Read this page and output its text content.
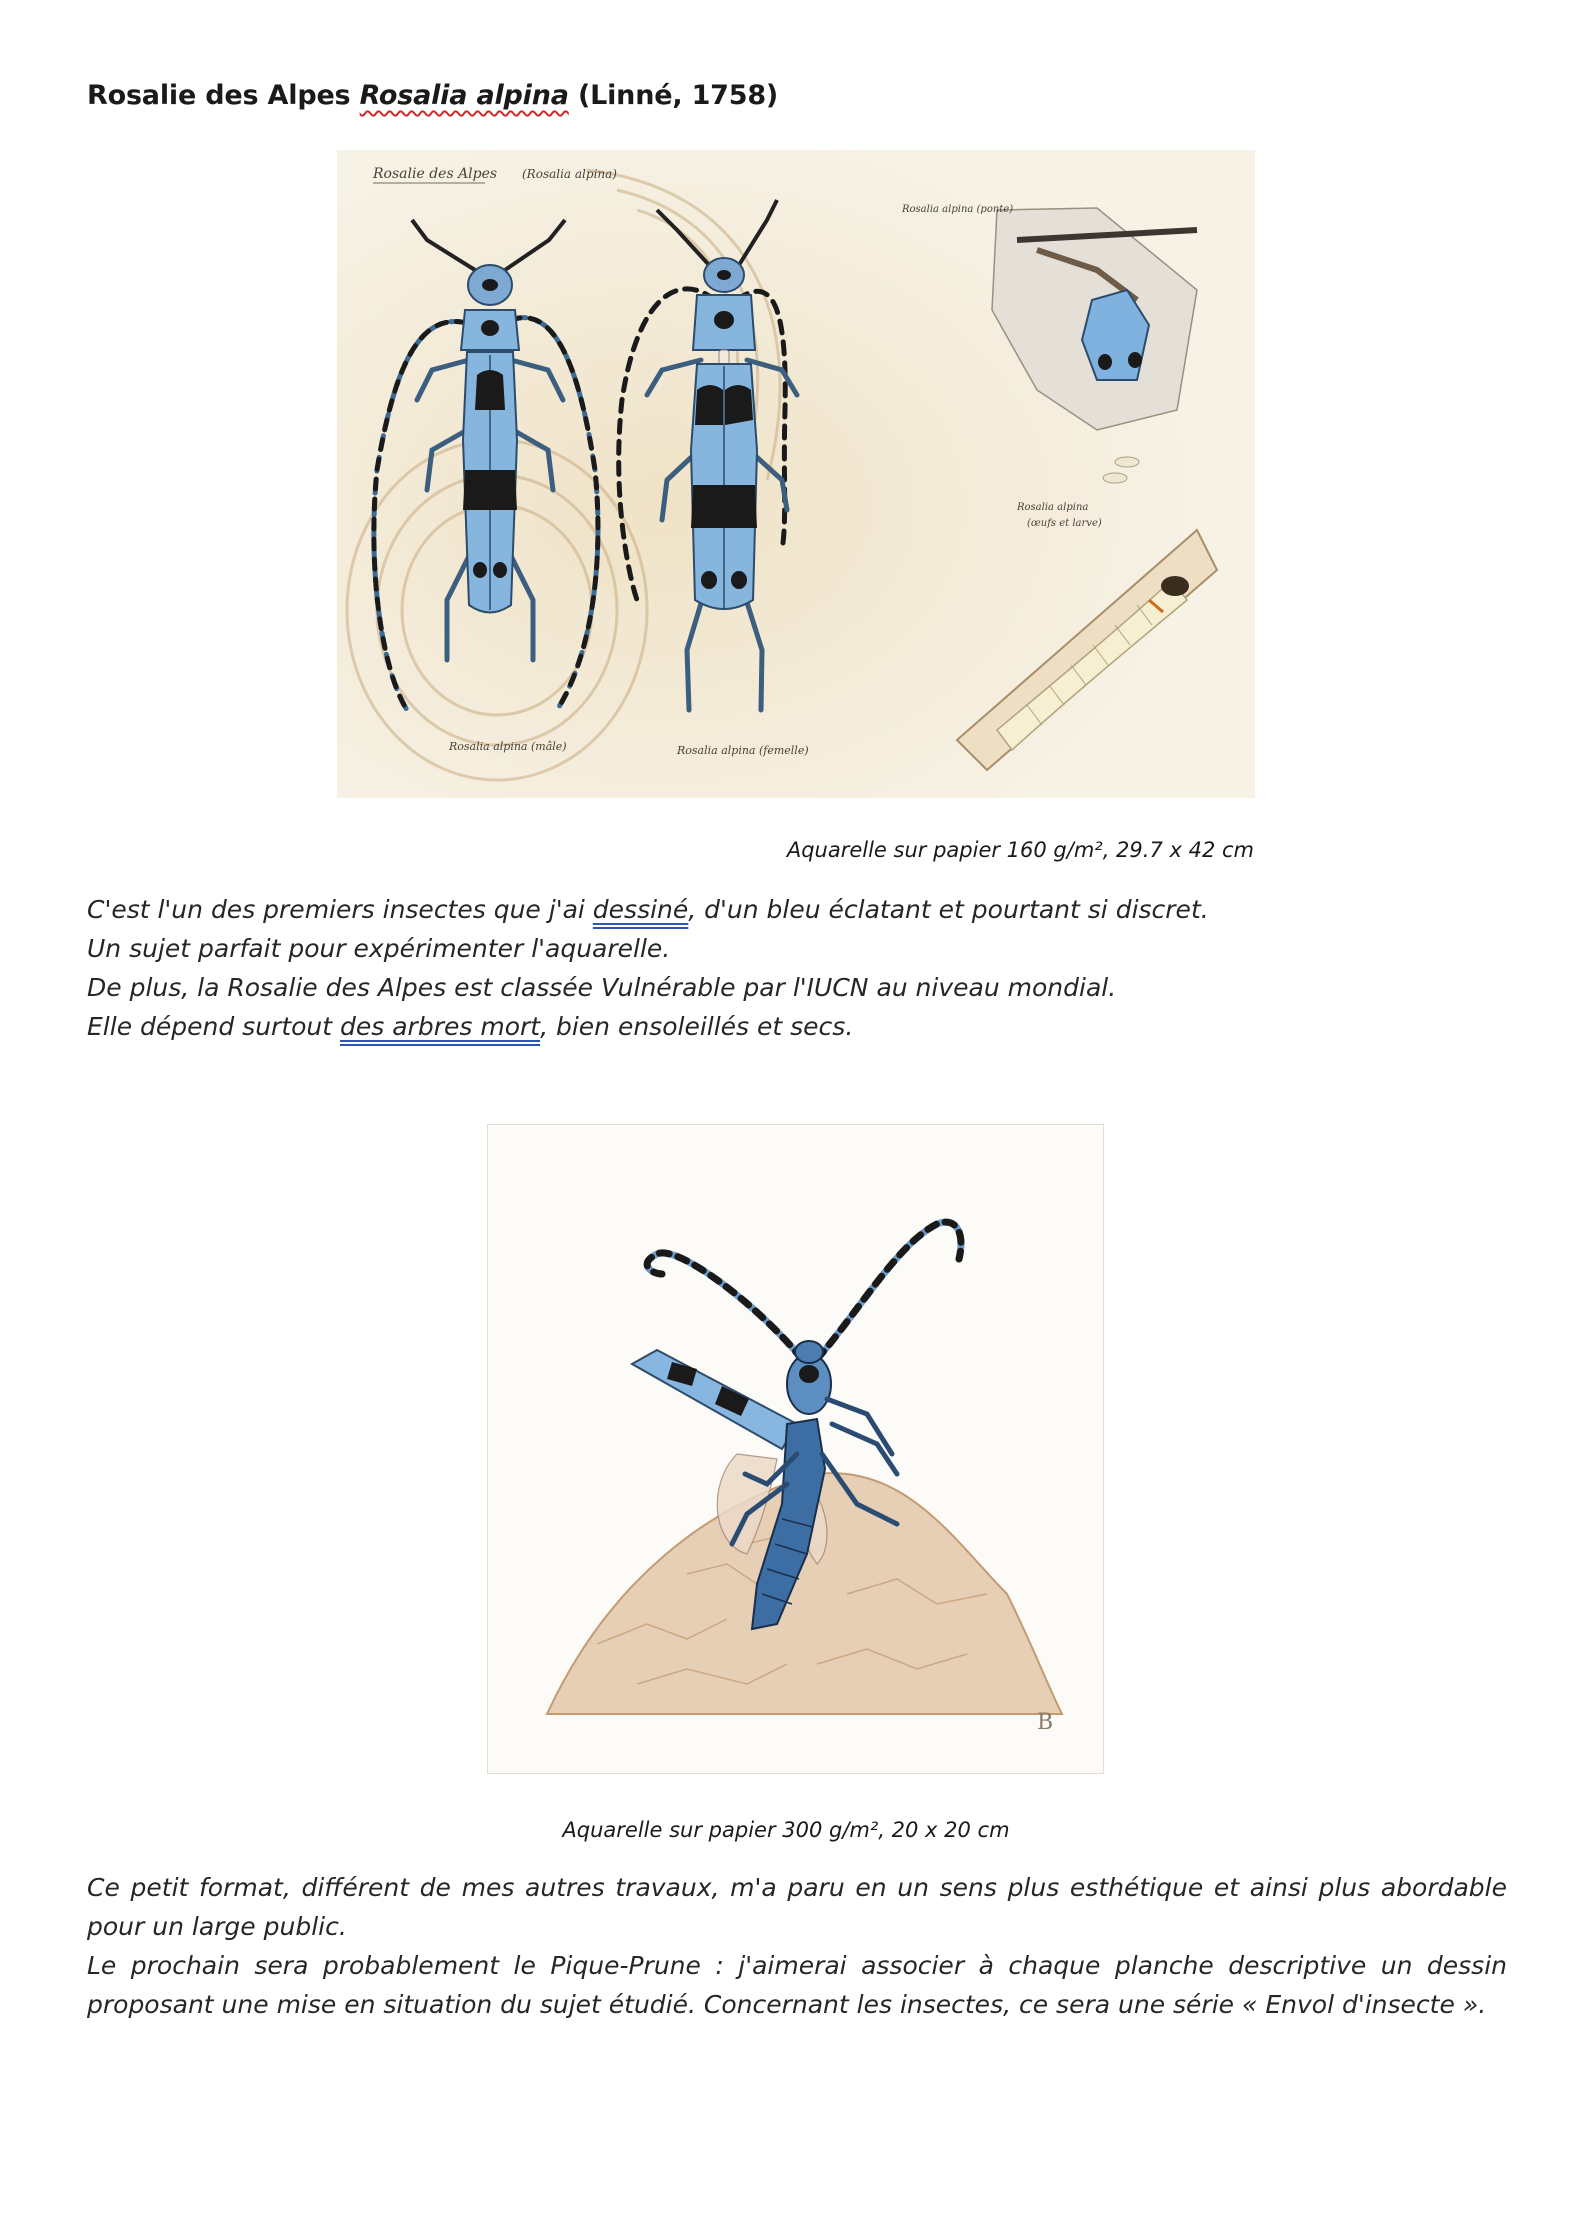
Rosalie des Alpes Rosalia alpina (Linné, 1758)
Rosalie des Alpes (Rosalia alpina)
Rosalia alpina (mâle)	Rosalia alpina (femelle)
Rosalia alpina (ponte)
Rosalia alpina
(œufs et larve)
Aquarelle sur papier 160 g/m², 29.7 x 42 cm
C'est l'un des premiers insectes que j'ai dessiné, d'un bleu éclatant et pourtant si discret.
Un sujet parfait pour expérimenter l'aquarelle.
De plus, la Rosalie des Alpes est classée Vulnérable par l'IUCN au niveau mondial.
Elle dépend surtout des arbres mort, bien ensoleillés et secs.
B
Aquarelle sur papier 300 g/m², 20 x 20 cm

Ce petit format, différent de mes autres travaux, m'a paru en un sens plus esthétique et ainsi plus abordable pour un large public.

Le prochain sera probablement le Pique-Prune : j'aimerai associer à chaque planche descriptive un dessin proposant une mise en situation du sujet étudié. Concernant les insectes, ce sera une série « Envol d'insecte ».
